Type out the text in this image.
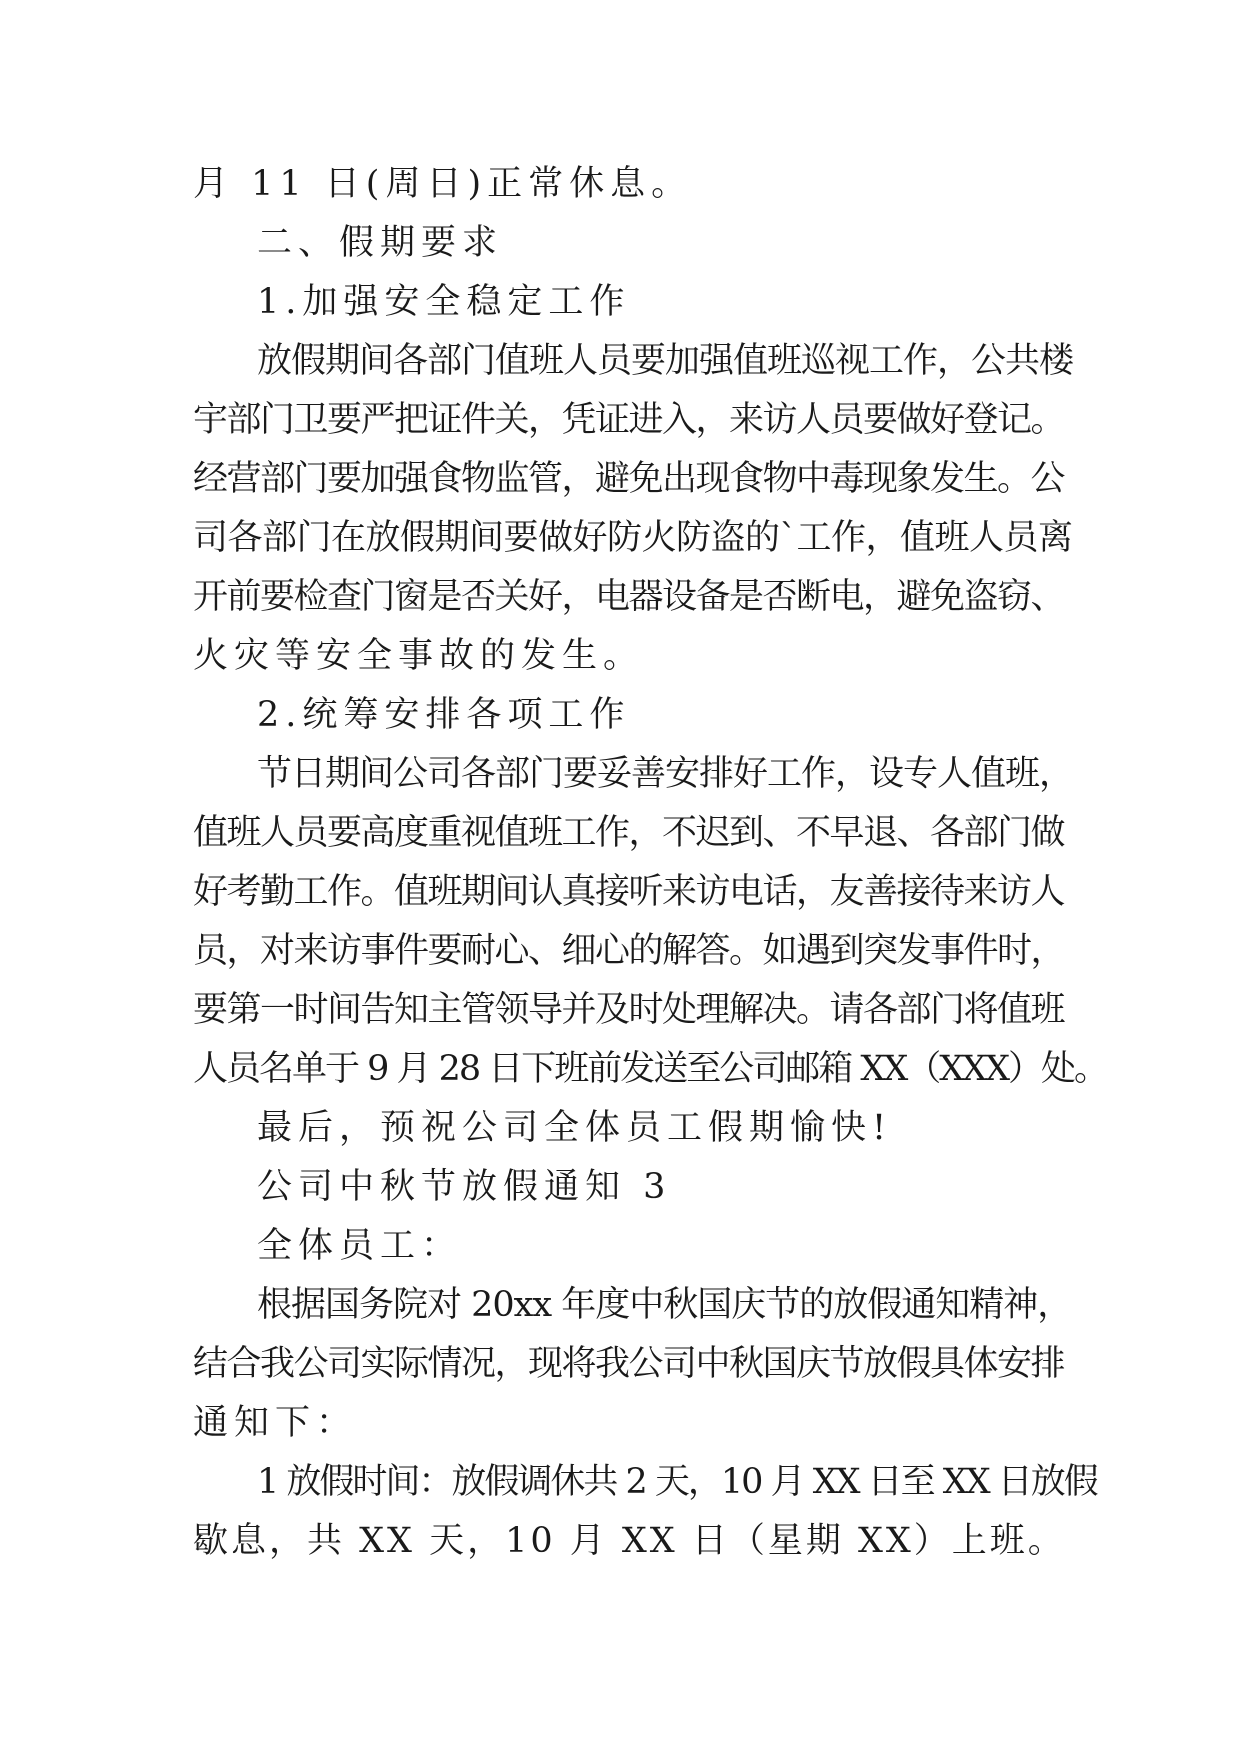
月 11 日(周日)正常休息。
二、假期要求
1.加强安全稳定工作
放假期间各部门值班人员要加强值班巡视工作，公共楼
宇部门卫要严把证件关，凭证进入，来访人员要做好登记。
经营部门要加强食物监管，避免出现食物中毒现象发生。公
司各部门在放假期间要做好防火防盗的`工作，值班人员离
开前要检查门窗是否关好，电器设备是否断电，避免盗窃、
火灾等安全事故的发生。
2.统筹安排各项工作
节日期间公司各部门要妥善安排好工作，设专人值班，
值班人员要高度重视值班工作，不迟到、不早退、各部门做
好考勤工作。值班期间认真接听来访电话，友善接待来访人
员，对来访事件要耐心、细心的解答。如遇到突发事件时，
要第一时间告知主管领导并及时处理解决。请各部门将值班
人员名单于 9 月 28 日下班前发送至公司邮箱 XX（XXX）处。
最后，预祝公司全体员工假期愉快!
公司中秋节放假通知 3
全体员工：
根据国务院对 20xx 年度中秋国庆节的放假通知精神，
结合我公司实际情况，现将我公司中秋国庆节放假具体安排
通知下：
1 放假时间：放假调休共 2 天，10 月 XX 日至 XX 日放假
歇息，共 XX 天，10 月 XX 日（星期 XX）上班。
